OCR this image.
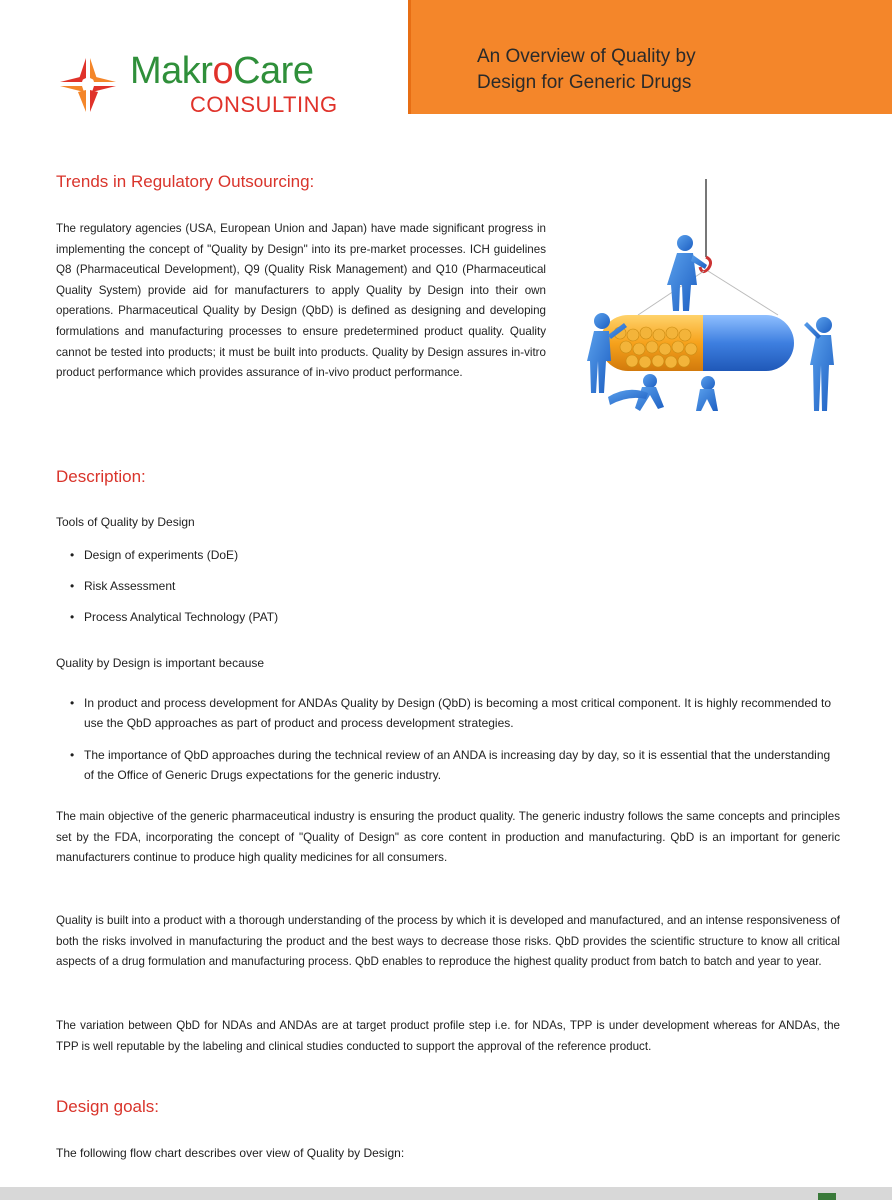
MakroCare
CONSULTING
An Overview of Quality by
Design for Generic Drugs
Trends in Regulatory Outsourcing:

The regulatory agencies (USA, European Union and Japan) have made significant progress in implementing the concept of "Quality by Design" into its pre-market processes. ICH guidelines Q8 (Pharmaceutical Development), Q9 (Quality Risk Management) and Q10 (Pharmaceutical Quality System) provide aid for manufacturers to apply Quality by Design into their own operations. Pharmaceutical Quality by Design (QbD) is defined as designing and developing formulations and manufacturing processes to ensure predetermined product quality. Quality cannot be tested into products; it must be built into products. Quality by Design assures in-vitro product performance which provides assurance of in-vivo product performance.

Description:
Tools of Quality by Design
• Design of experiments (DoE)
• Risk Assessment
• Process Analytical Technology (PAT)
Quality by Design is important because
• In product and process development for ANDAs Quality by Design (QbD) is becoming a most critical component. It is highly recommended to use the QbD approaches as part of product and process development strategies.
• The importance of QbD approaches during the technical review of an ANDA is increasing day by day, so it is essential that the understanding of the Office of Generic Drugs expectations for the generic industry.

The main objective of the generic pharmaceutical industry is ensuring the product quality. The generic industry follows the same concepts and principles set by the FDA, incorporating the concept of "Quality of Design" as core content in production and manufacturing. QbD is an important for generic manufacturers continue to produce high quality medicines for all consumers.

Quality is built into a product with a thorough understanding of the process by which it is developed and manufactured, and an intense responsiveness of both the risks involved in manufacturing the product and the best ways to decrease those risks. QbD provides the scientific structure to know all critical aspects of a drug formulation and manufacturing process. QbD enables to reproduce the highest quality product from batch to batch and year to year.

The variation between QbD for NDAs and ANDAs are at target product profile step i.e. for NDAs, TPP is under development whereas for ANDAs, the TPP is well reputable by the labeling and clinical studies conducted to support the approval of the reference product.

Design goals:
The following flow chart describes over view of Quality by Design:
